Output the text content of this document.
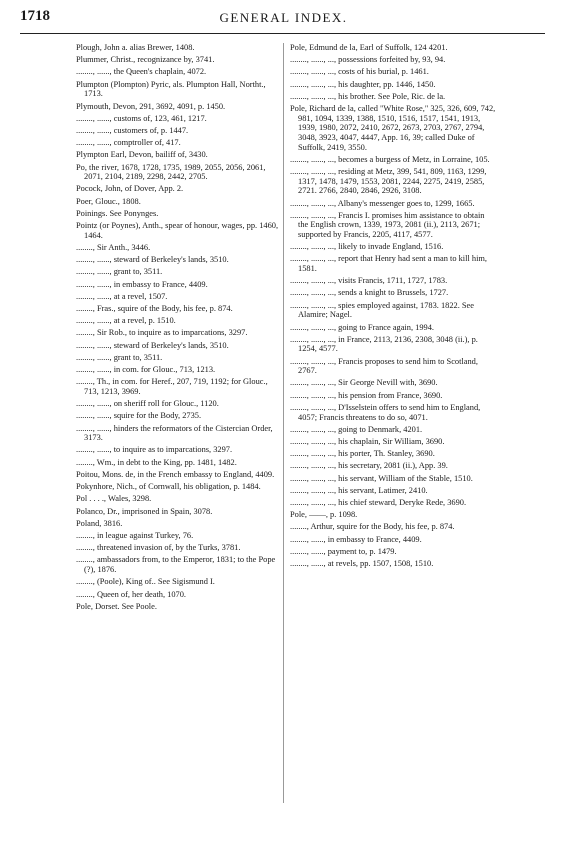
1718	GENERAL INDEX.
Plough, John a. alias Brewer, 1408.
Plummer, Christ., recognizance by, 3741.
........, ......, the Queen's chaplain, 4072.
Plumpton (Plompton) Pyric, als. Plumpton Hall, Northt., 1713.
Plymouth, Devon, 291, 3692, 4091, p. 1450.
........, ......, customs of, 123, 461, 1217.
........, ......, customers of, p. 1447.
........, ......, comptroller of, 417.
Plympton Earl, Devon, bailiff of, 3430.
Po, the river, 1678, 1728, 1735, 1989, 2055, 2056, 2061, 2071, 2104, 2189, 2298, 2442, 2705.
Pocock, John, of Dover, App. 2.
Poer, Glouc., 1808.
Poinings. See Ponynges.
Pointz (or Poynes), Anth., spear of honour, wages, pp. 1460, 1464.
........, Sir Anth., 3446.
........, ......, steward of Berkeley's lands, 3510.
........, ......, grant to, 3511.
........, ......, in embassy to France, 4409.
........, ......, at a revel, 1507.
........, Fras., squire of the Body, his fee, p. 874.
........, ......, at a revel, p. 1510.
........, Sir Rob., to inquire as to imparcations, 3297.
........, ......, steward of Berkeley's lands, 3510.
........, ......, grant to, 3511.
........, ......, in com. for Glouc., 713, 1213.
........, Th., in com. for Heref., 207, 719, 1192; for Glouc., 713, 1213, 3969.
........, ......, on sheriff roll for Glouc., 1120.
........, ......, squire for the Body, 2735.
........, ......, hinders the reformators of the Cistercian Order, 3173.
........, ......, to inquire as to imparcations, 3297.
........, Wm., in debt to the King, pp. 1481, 1482.
Poitou, Mons. de, in the French embassy to England, 4409.
Pokynhore, Nich., of Cornwall, his obligation, p. 1484.
Pol . . . ., Wales, 3298.
Polanco, Dr., imprisoned in Spain, 3078.
Poland, 3816.
........, in league against Turkey, 76.
........, threatened invasion of, by the Turks, 3781.
........, ambassadors from, to the Emperor, 1831; to the Pope (?), 1876.
........, (Poole), King of.. See Sigismund I.
........, Queen of, her death, 1070.
Pole, Dorset. See Poole.
Pole, Edmund de la, Earl of Suffolk, 124 4201.
........, ......, ..., possessions forfeited by, 93, 94.
........, ......, ..., costs of his burial, p. 1461.
........, ......, ..., his daughter, pp. 1446, 1450.
........, ......, ..., his brother. See Pole, Ric. de la.
Pole, Richard de la, called "White Rose," 325, 326, 609, 742, 981, 1094, 1339, 1388, 1510, 1516, 1517, 1541, 1913, 1939, 1980, 2072, 2410, 2672, 2673, 2703, 2767, 2794, 3048, 3923, 4047, 4447, App. 16, 39; called Duke of Suffolk, 2419, 3550.
........, ......, ..., becomes a burgess of Metz, in Lorraine, 105.
........, ......, ..., residing at Metz, 399, 541, 809, 1163, 1299, 1317, 1478, 1479, 1553, 2081, 2244, 2275, 2419, 2585, 2721. 2766, 2840, 2846, 2926, 3108.
........, ......, ..., Albany's messenger goes to, 1299, 1665.
........, ......, ..., Francis I. promises him assistance to obtain the English crown, 1339, 1973, 2081 (ii.), 2113, 2671; supported by Francis, 2205, 4117, 4577.
........, ......, ..., likely to invade England, 1516.
........, ......, ..., report that Henry had sent a man to kill him, 1581.
........, ......, ..., visits Francis, 1711, 1727, 1783.
........, ......, ..., sends a knight to Brussels, 1727.
........, ......, ..., spies employed against, 1783. 1822. See Alamire; Nagel.
........, ......, ..., going to France again, 1994.
........, ......, ..., in France, 2113, 2136, 2308, 3048 (ii.), p. 1254, 4577.
........, ......, ..., Francis proposes to send him to Scotland, 2767.
........, ......, ..., Sir George Nevill with, 3690.
........, ......, ..., his pension from France, 3690.
........, ......, ..., D'Isselstein offers to send him to England, 4057; Francis threatens to do so, 4071.
........, ......, ..., going to Denmark, 4201.
........, ......, ..., his chaplain, Sir William, 3690.
........, ......, ..., his porter, Th. Stanley, 3690.
........, ......, ..., his secretary, 2081 (ii.), App. 39.
........, ......, ..., his servant, William of the Stable, 1510.
........, ......, ..., his servant, Latimer, 2410.
........, ......, ..., his chief steward, Deryke Rede, 3690.
Pole, ——, p. 1098.
........, Arthur, squire for the Body, his fee, p. 874.
........, ......, in embassy to France, 4409.
........, ......, payment to, p. 1479.
........, ......, at revels, pp. 1507, 1508, 1510.
